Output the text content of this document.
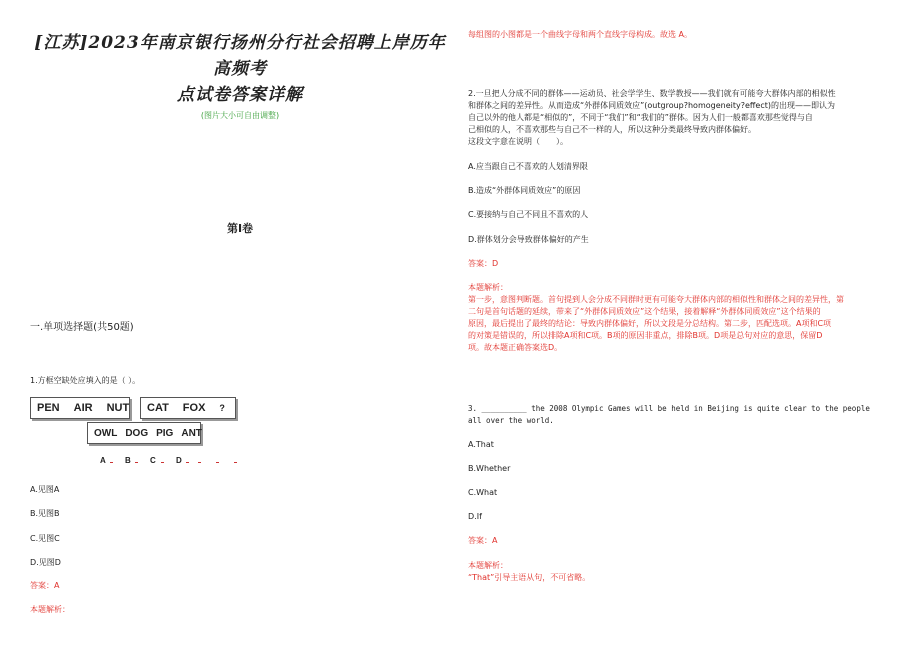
[江苏]2023年南京银行扬州分行社会招聘上岸历年高频考
点试卷答案详解
(图片大小可自由调整)
第I卷
一.单项选择题(共50题)
1.方框空缺处应填入的是（ ）。
PEN AIR NUT CAT FOX ?
OWL DOG PIG ANT
A B C	D
A.见图A
B.见图B
C.见图C
D.见图D
答案：A
本题解析：
每组图的小图都是一个曲线字母和两个直线字母构成。故选 A。
2.一旦把人分成不同的群体——运动员、社会学学生、数学教授——我们就有可能夸大群体内部的相似性
和群体之间的差异性。从而造成“外群体同质效应”(outgroup?homogeneity?effect)的出现——即认为
自己以外的他人都是“相似的”，不同于“我们”和“我们的”群体。因为人们一般都喜欢那些觉得与自
己相似的人，不喜欢那些与自己不一样的人，所以这种分类最终导致内群体偏好。
这段文字意在说明（　　）。
A.应当跟自己不喜欢的人划清界限
B.造成“外群体同质效应”的原因
C.要接纳与自己不同且不喜欢的人
D.群体划分会导致群体偏好的产生
答案：D
本题解析：
第一步，意图判断题。首句提到人会分成不同群时更有可能夸大群体内部的相似性和群体之间的差异性，第
二句是首句话题的延续，带来了“外群体同质效应”这个结果，接着解释“外群体同质效应”这个结果的
原因，最后提出了最终的结论：导致内群体偏好，所以文段是分总结构。第二步，匹配选项。A项和C项
的对策是错误的，所以排除A项和C项。B项的原因非重点，排除B项。D项是总句对应的意思，保留D
项。故本题正确答案选D。
3. __________ the 2008 Olympic Games will be held in Beijing is quite clear to the people
all over the world.
A.That
B.Whether
C.What
D.If
答案：A
本题解析：
“That”引导主语从句，不可省略。
